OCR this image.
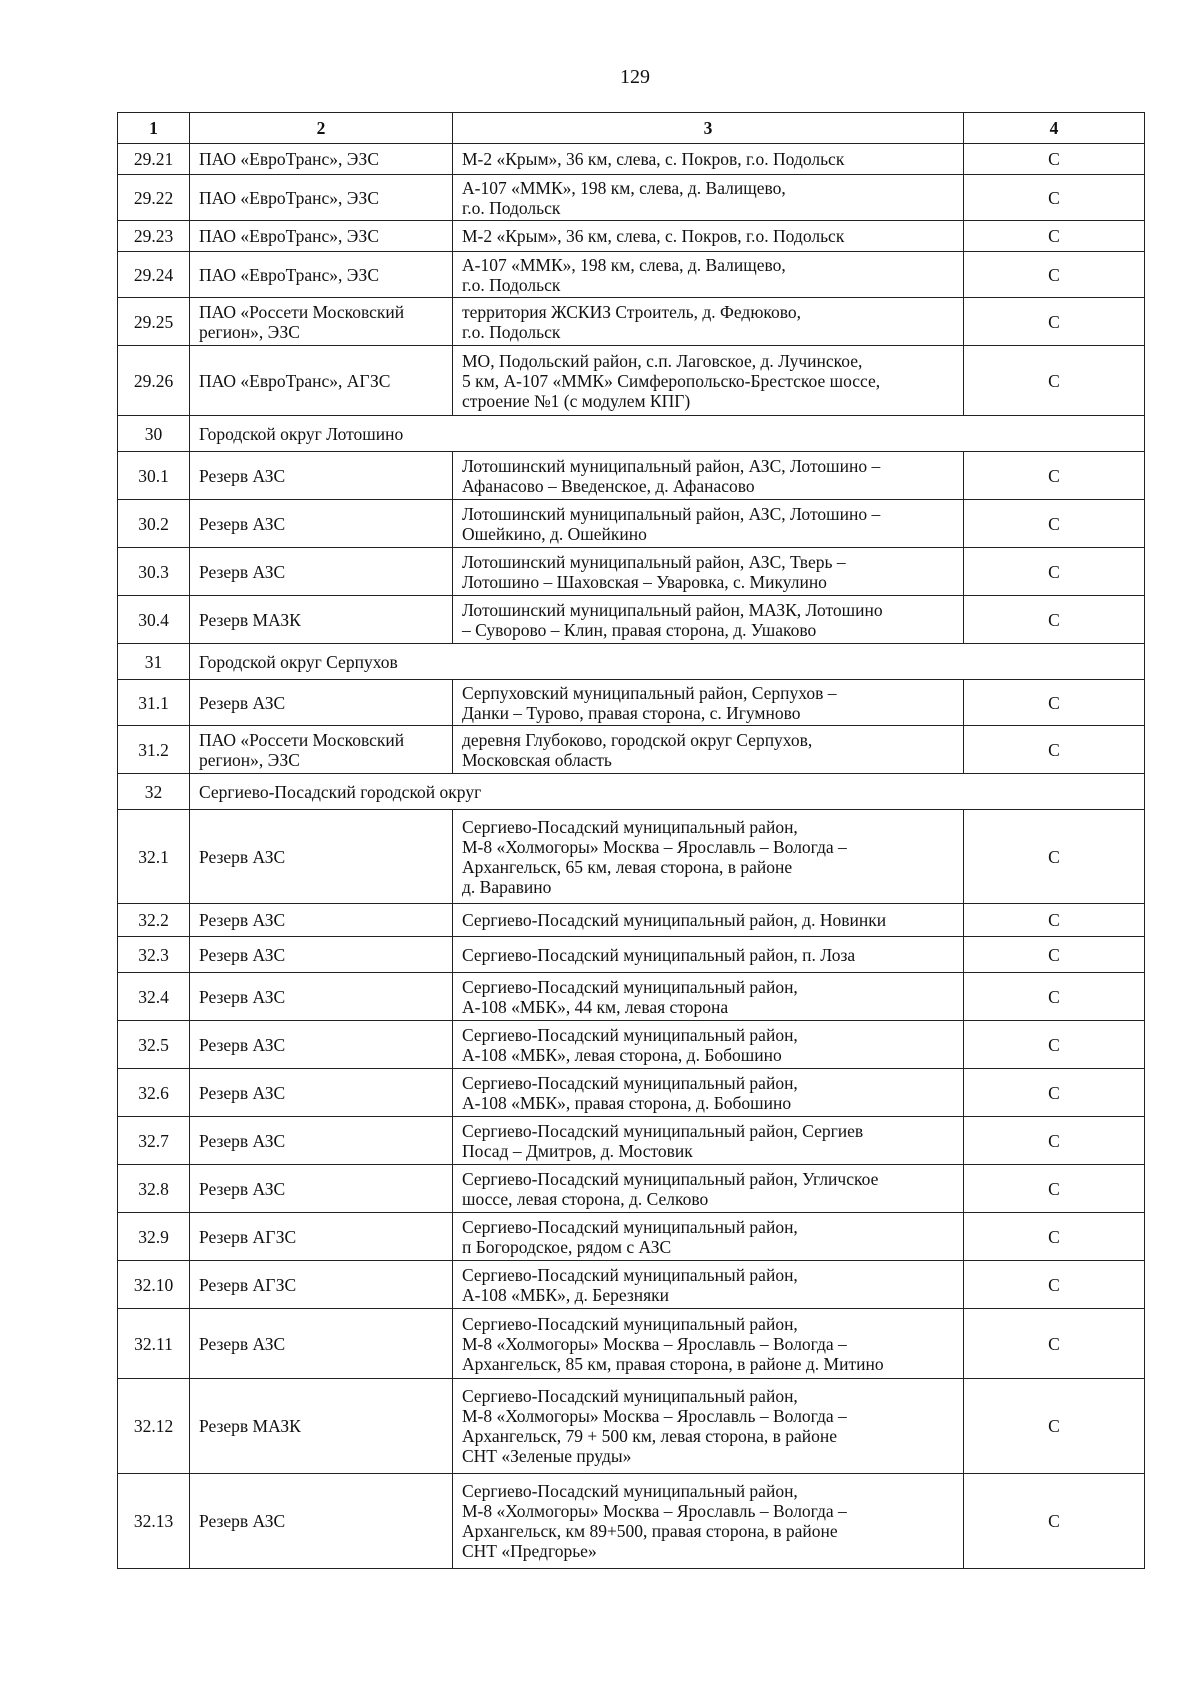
129
1	2	3	4
29.21	ПАО «ЕвроТранс», ЭЗС	М-2 «Крым», 36 км, слева, с. Покров, г.о. Подольск	С
29.22	ПАО «ЕвроТранс», ЭЗС	А-107 «ММК», 198 км, слева, д. Валищево,
г.о. Подольск	С
29.23	ПАО «ЕвроТранс», ЭЗС	М-2 «Крым», 36 км, слева, с. Покров, г.о. Подольск	С
29.24	ПАО «ЕвроТранс», ЭЗС	А-107 «ММК», 198 км, слева, д. Валищево,
г.о. Подольск	С
29.25	ПАО «Россети Московский регион», ЭЗС	территория ЖСКИЗ Строитель, д. Федюково,
г.о. Подольск	С
29.26	ПАО «ЕвроТранс», АГЗС	МО, Подольский район, с.п. Лаговское, д. Лучинское,
5 км, А-107 «ММК» Симферопольско-Брестское шоссе,
строение №1 (с модулем КПГ)	С
30	Городской округ Лотошино		
30.1	Резерв АЗС	Лотошинский муниципальный район, АЗС, Лотошино –
Афанасово – Введенское, д. Афанасово	С
30.2	Резерв АЗС	Лотошинский муниципальный район, АЗС, Лотошино –
Ошейкино, д. Ошейкино	С
30.3	Резерв АЗС	Лотошинский муниципальный район, АЗС, Тверь –
Лотошино – Шаховская – Уваровка, с. Микулино	С
30.4	Резерв МАЗК	Лотошинский муниципальный район, МАЗК, Лотошино
– Суворово – Клин, правая сторона, д. Ушаково	С
31	Городской округ Серпухов		
31.1	Резерв АЗС	Серпуховский муниципальный район, Серпухов –
Данки – Турово, правая сторона, с. Игумново	С
31.2	ПАО «Россети Московский регион», ЭЗС	деревня Глубоково, городской округ Серпухов,
Московская область	С
32	Сергиево-Посадский городской округ		
32.1	Резерв АЗС	Сергиево-Посадский муниципальный район,
М-8 «Холмогоры» Москва – Ярославль – Вологда –
Архангельск, 65 км, левая сторона, в районе
д. Варавино	С
32.2	Резерв АЗС	Сергиево-Посадский муниципальный район, д. Новинки	С
32.3	Резерв АЗС	Сергиево-Посадский муниципальный район, п. Лоза	С
32.4	Резерв АЗС	Сергиево-Посадский муниципальный район,
А-108 «МБК», 44 км, левая сторона	С
32.5	Резерв АЗС	Сергиево-Посадский муниципальный район,
А-108 «МБК», левая сторона, д. Бобошино	С
32.6	Резерв АЗС	Сергиево-Посадский муниципальный район,
А-108 «МБК», правая сторона, д. Бобошино	С
32.7	Резерв АЗС	Сергиево-Посадский муниципальный район, Сергиев
Посад – Дмитров, д. Мостовик	С
32.8	Резерв АЗС	Сергиево-Посадский муниципальный район, Угличское
шоссе, левая сторона, д. Селково	С
32.9	Резерв АГЗС	Сергиево-Посадский муниципальный район,
п Богородское, рядом с АЗС	С
32.10	Резерв АГЗС	Сергиево-Посадский муниципальный район,
А-108 «МБК», д. Березняки	С
32.11	Резерв АЗС	Сергиево-Посадский муниципальный район,
М-8 «Холмогоры» Москва – Ярославль – Вологда –
Архангельск, 85 км, правая сторона, в районе д. Митино	С
32.12	Резерв МАЗК	Сергиево-Посадский муниципальный район,
М-8 «Холмогоры» Москва – Ярославль – Вологда –
Архангельск, 79 + 500 км, левая сторона, в районе
СНТ «Зеленые пруды»	С
32.13	Резерв АЗС	Сергиево-Посадский муниципальный район,
М-8 «Холмогоры» Москва – Ярославль – Вологда –
Архангельск, км 89+500, правая сторона, в районе
СНТ «Предгорье»	С
